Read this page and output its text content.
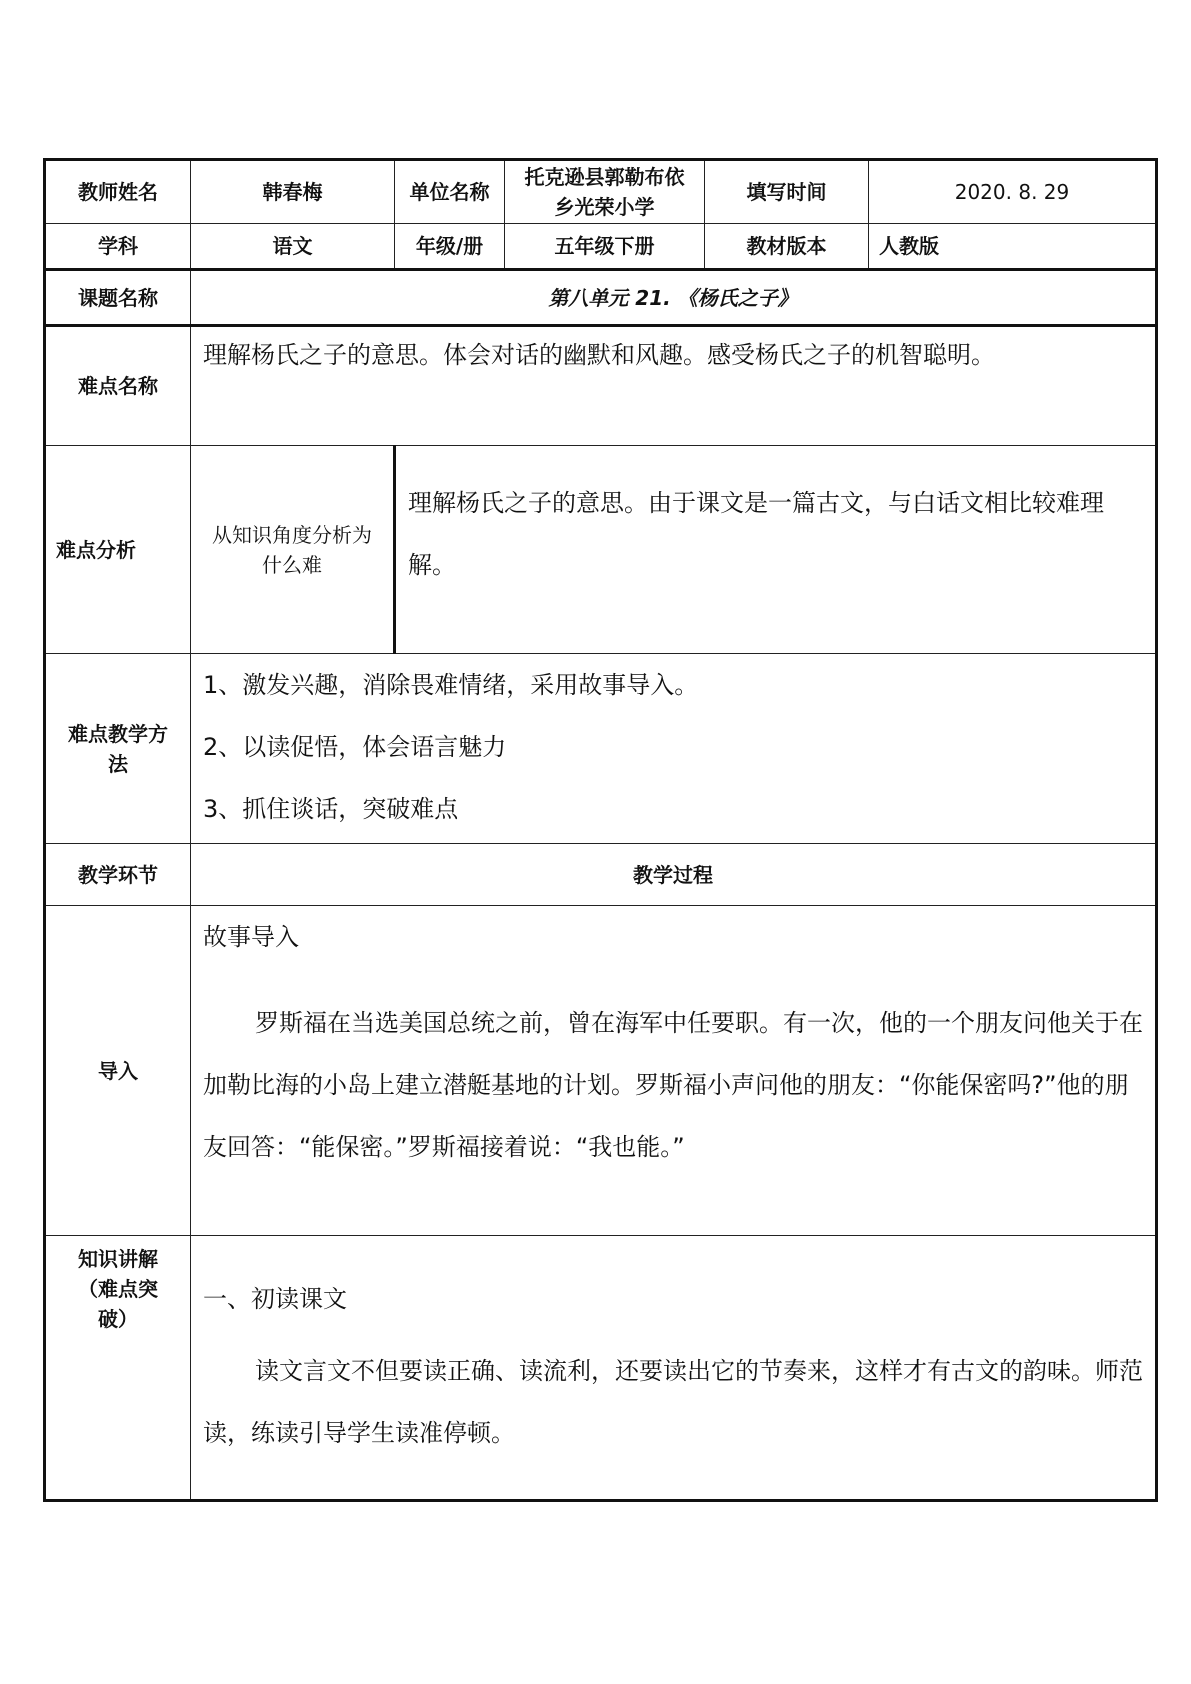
教师姓名	韩春梅	单位名称	托克逊县郭勒布依乡光荣小学	填写时间	2020. 8. 29
学科	语文	年级/册	五年级下册	教材版本	人教版
课题名称	第八单元 21. 《杨氏之子》				
难点名称	理解杨氏之子的意思。体会对话的幽默和风趣。感受杨氏之子的机智聪明。				

难点分析	从知识角度分析为什么难	理解杨氏之子的意思。由于课文是一篇古文，与白话文相比较难理解。			

难点教学方法	1、激发兴趣，消除畏难情绪，采用故事导入。

2、以读促悟，体会语言魅力

3、抓住谈话，突破难点				

教学环节	教学过程				
导入	故事导入

罗斯福在当选美国总统之前，曾在海军中任要职。有一次，他的一个朋友问他关于在加勒比海的小岛上建立潜艇基地的计划。罗斯福小声问他的朋友：“你能保密吗?”他的朋友回答：“能保密。”罗斯福接着说：“我也能。”				

知识讲解（难点突破）	一、初读课文

读文言文不但要读正确、读流利，还要读出它的节奏来，这样才有古文的韵味。师范读，练读引导学生读准停顿。				
